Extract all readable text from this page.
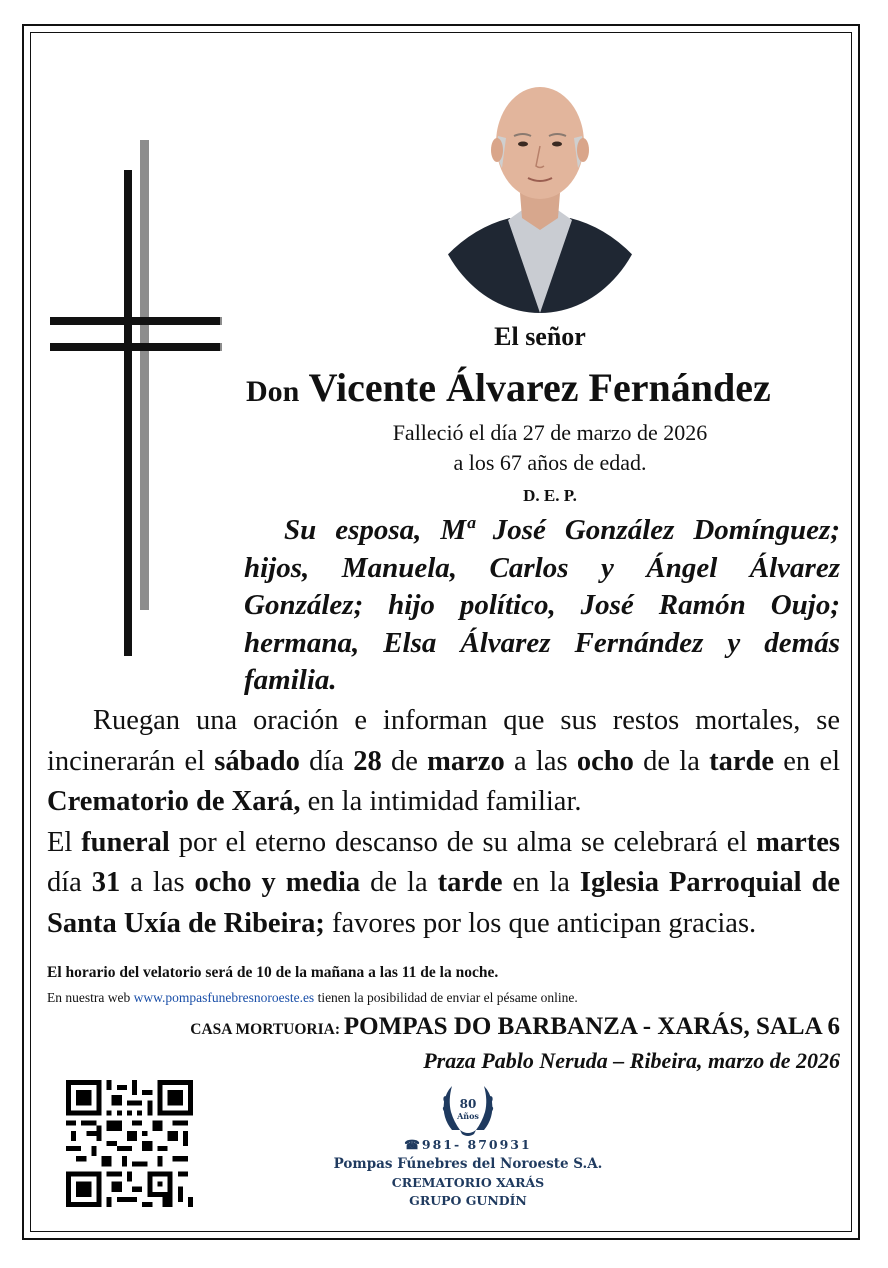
El señor
Don Vicente Álvarez Fernández
Falleció el día 27 de marzo de 2026
a los 67 años de edad.
D. E. P.
Su esposa, Mª José González Domínguez; hijos, Manuela, Carlos y Ángel Álvarez González; hijo político, José Ramón Oujo; hermana, Elsa Álvarez Fernández y demás familia.

Ruegan una oración e informan que sus restos mortales, se incinerarán el sábado día 28 de marzo a las ocho de la tarde en el Crematorio de Xará, en la intimidad familiar.

El funeral por el eterno descanso de su alma se celebrará el martes día 31 a las ocho y media de la tarde en la Iglesia Parroquial de Santa Uxía de Ribeira; favores por los que anticipan gracias.

El horario del velatorio será de 10 de la mañana a las 11 de la noche.
En nuestra web www.pompasfunebresnoroeste.es tienen la posibilidad de enviar el pésame online.
CASA MORTUORIA: POMPAS DO BARBANZA - XARÁS, SALA 6
Praza Pablo Neruda – Ribeira, marzo de 2026
80
Años
☎981- 870931
Pompas Fúnebres del Noroeste S.A.
CREMATORIO XARÁS
GRUPO GUNDÍN
